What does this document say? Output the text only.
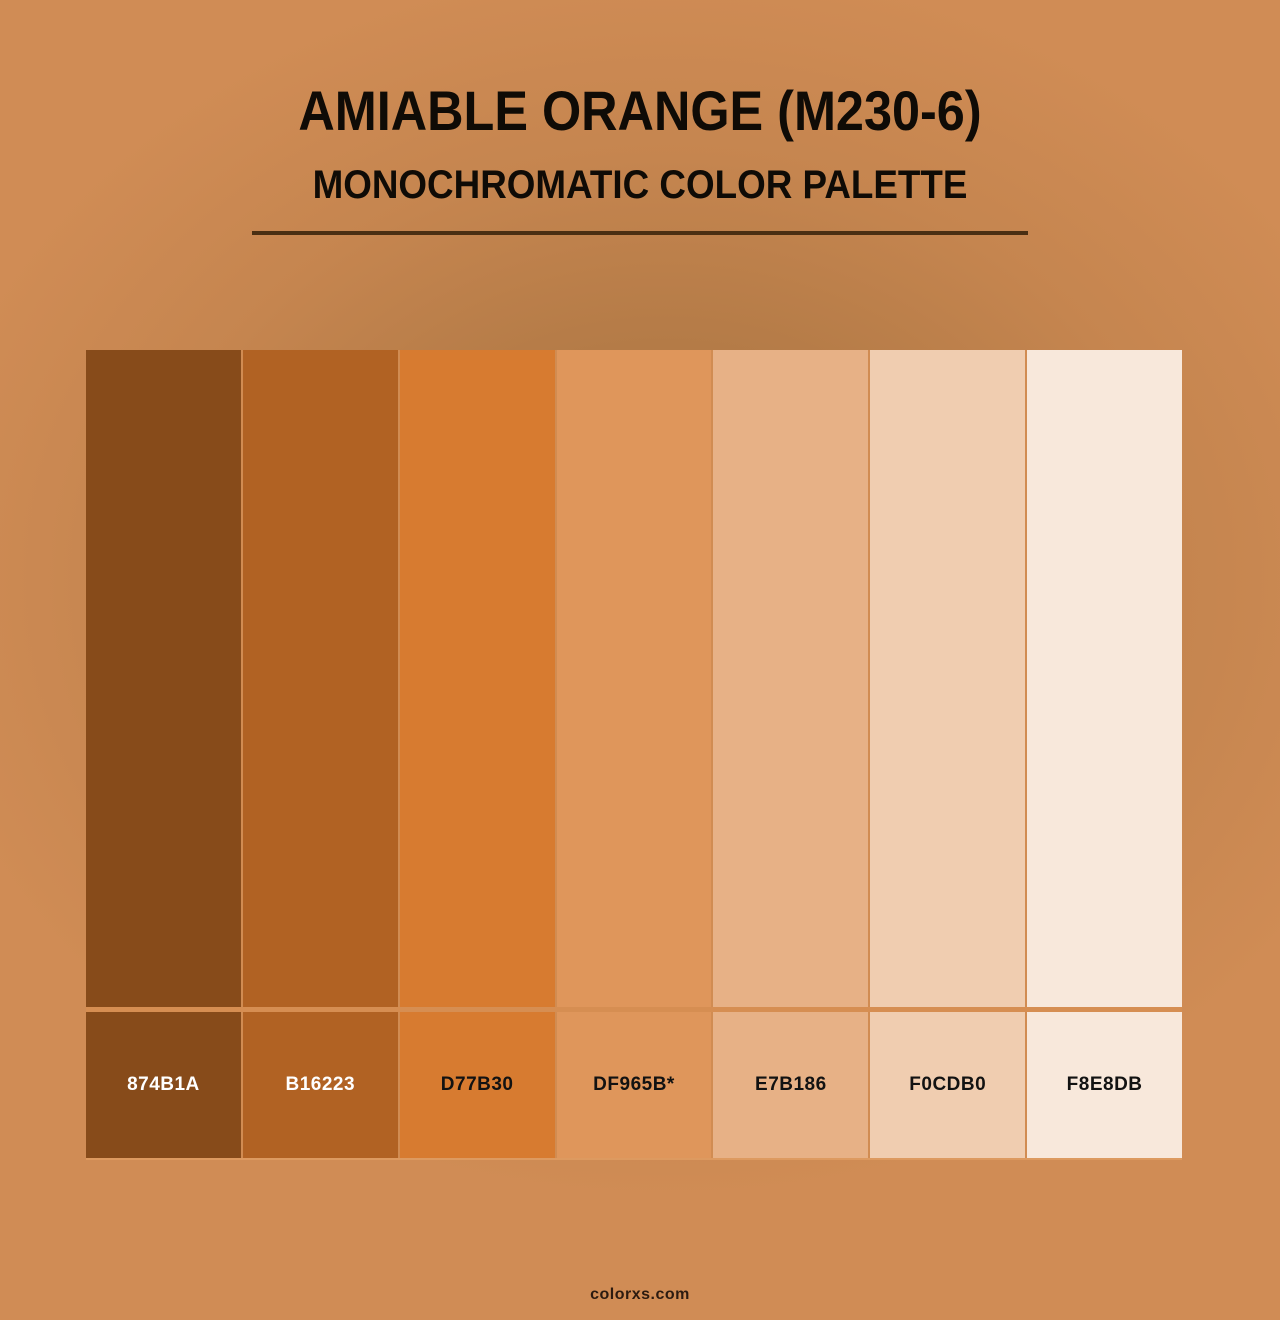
AMIABLE ORANGE (M230-6)
MONOCHROMATIC COLOR PALETTE
874B1A	B16223	D77B30	DF965B*	E7B186	F0CDB0	F8E8DB
colorxs.com
